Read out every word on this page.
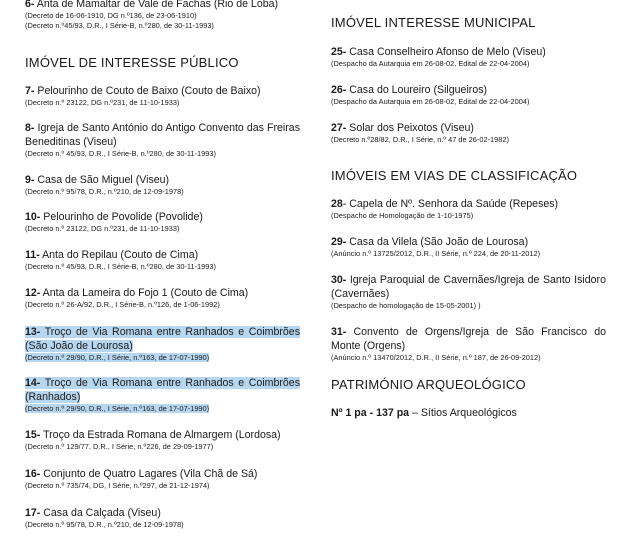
6- Anta de Mamaltar de Vale de Fachas (Rio de Loba)
(Decreto de 16-06-1910, DG n.º136, de 23-06-1910)
(Decreto n.º45/93, D.R., I Série-B, n.º280, de 30-11-1993)
IMÓVEL DE INTERESSE PÚBLICO
7- Pelourinho de Couto de Baixo (Couto de Baixo)
(Decreto n.º 23122, DG n.º231, de 11-10-1933)
8- Igreja de Santo António do Antigo Convento das Freiras Beneditinas (Viseu)
(Decreto n.º 45/93, D.R., I Série-B, n.º280, de 30-11-1993)
9- Casa de São Miguel (Viseu)
(Decreto n.º 95/78, D.R., n.º210, de 12-09-1978)
10- Pelourinho de Povolide (Povolide)
(Decreto n.º 23122, DG n.º231, de 11-10-1933)
11- Anta do Repilau (Couto de Cima)
(Decreto n.º 45/93, D.R., I Série-B, n.º280, de 30-11-1993)
12- Anta da Lameira do Fojo 1 (Couto de Cima)
(Decreto n.º 26-A/92, D.R., I Série-B, n.º126, de 1-06-1992)
13- Troço de Via Romana entre Ranhados e Coimbrões (São João de Lourosa)
(Decreto n.º 29/90, D.R., I Série, n.º163, de 17-07-1990)
14- Troço de Via Romana entre Ranhados e Coimbrões (Ranhados)
(Decreto n.º 29/90, D.R., I Série, n.º163, de 17-07-1990)
15- Troço da Estrada Romana de Almargem (Lordosa)
(Decreto n.º 129/77, D.R., I Série, n.º226, de 29-09-1977)
16- Conjunto de Quatro Lagares (Vila Chã de Sá)
(Decreto n.º 735/74, DG, I Série, n.º297, de 21-12-1974)
17- Casa da Calçada (Viseu)
(Decreto n.º 95/78, D.R., n.º210, de 12-09-1978)
IMÓVEL INTERESSE MUNICIPAL
25- Casa Conselheiro Afonso de Melo (Viseu)
(Despacho da Autarquia em 26-08-02, Edital de 22-04-2004)
26- Casa do Loureiro (Silgueiros)
(Despacho da Autarquia em 26-08-02, Edital de 22-04-2004)
27- Solar dos Peixotos (Viseu)
(Decreto n.º28/82, D.R., I Série, n.º 47 de 26-02-1982)
IMÓVEIS EM VIAS DE CLASSIFICAÇÃO
28- Capela de Nº. Senhora da Saúde (Repeses)
(Despacho de Homologação de 1-10-1975)
29- Casa da Vilela (São João de Lourosa)
(Anúncio n.º 13725/2012, D.R., II Série, n.º 224, de 20-11-2012)
30- Igreja Paroquial de Cavernães/Igreja de Santo Isidoro (Cavernães)
(Despacho de homologação de 15-05-2001) )
31- Convento de Orgens/Igreja de São Francisco do Monte (Orgens)
(Anúncio n.º 13470/2012, D.R., II Série, n.º 187, de 26-09-2012)
PATRIMÓNIO ARQUEOLÓGICO
Nº 1 pa - 137 pa – Sítios Arqueológicos
